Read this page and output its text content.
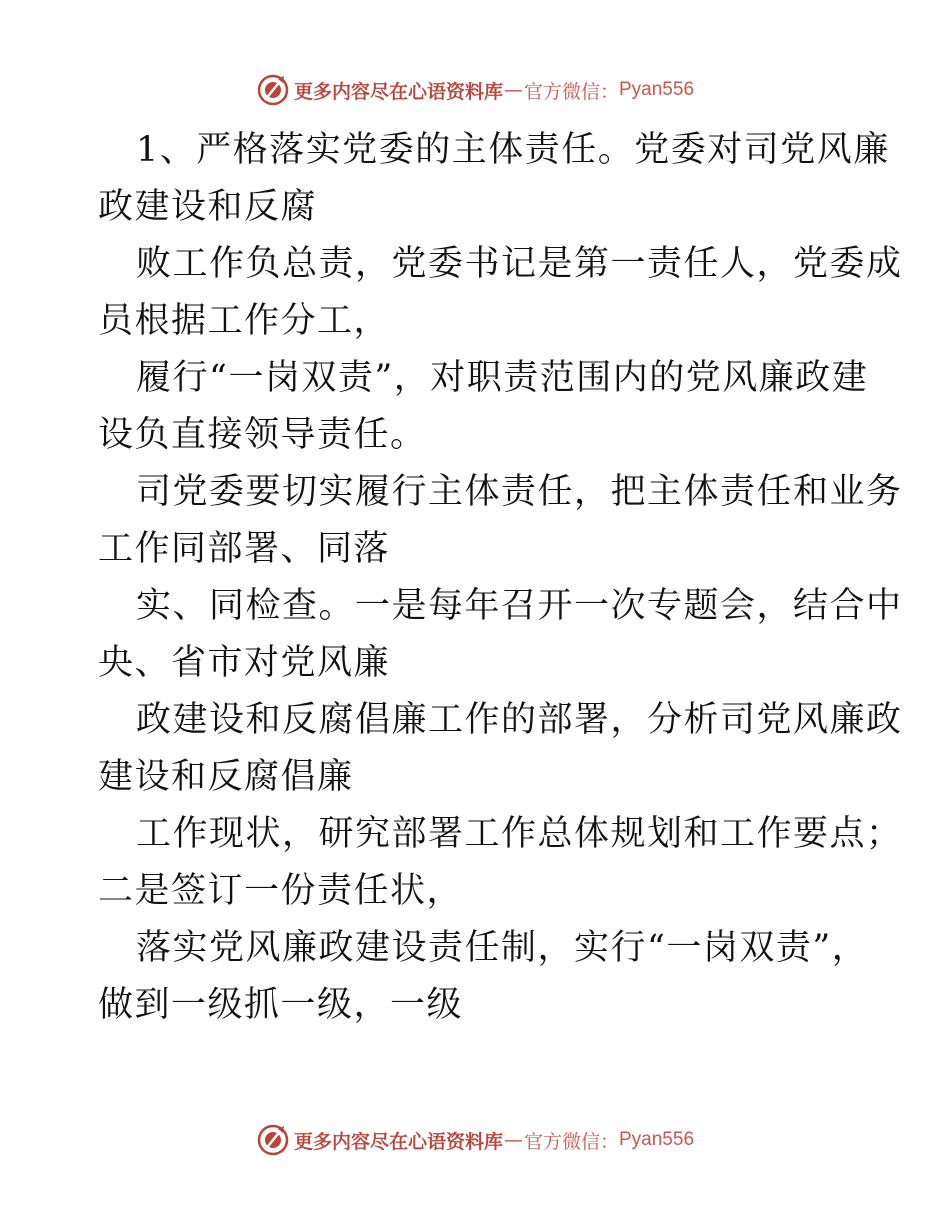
更多内容尽在心语资料库 — 官方微信： Pyan556
1、严格落实党委的主体责任。党委对司党风廉
政建设和反腐
败工作负总责，党委书记是第一责任人，党委成
员根据工作分工，
履行“一岗双责”，对职责范围内的党风廉政建
设负直接领导责任。
司党委要切实履行主体责任，把主体责任和业务
工作同部署、同落
实、同检查。一是每年召开一次专题会，结合中
央、省市对党风廉
政建设和反腐倡廉工作的部署，分析司党风廉政
建设和反腐倡廉
工作现状，研究部署工作总体规划和工作要点；
二是签订一份责任状，
落实党风廉政建设责任制，实行“一岗双责”，
做到一级抓一级，一级
更多内容尽在心语资料库 — 官方微信： Pyan556
